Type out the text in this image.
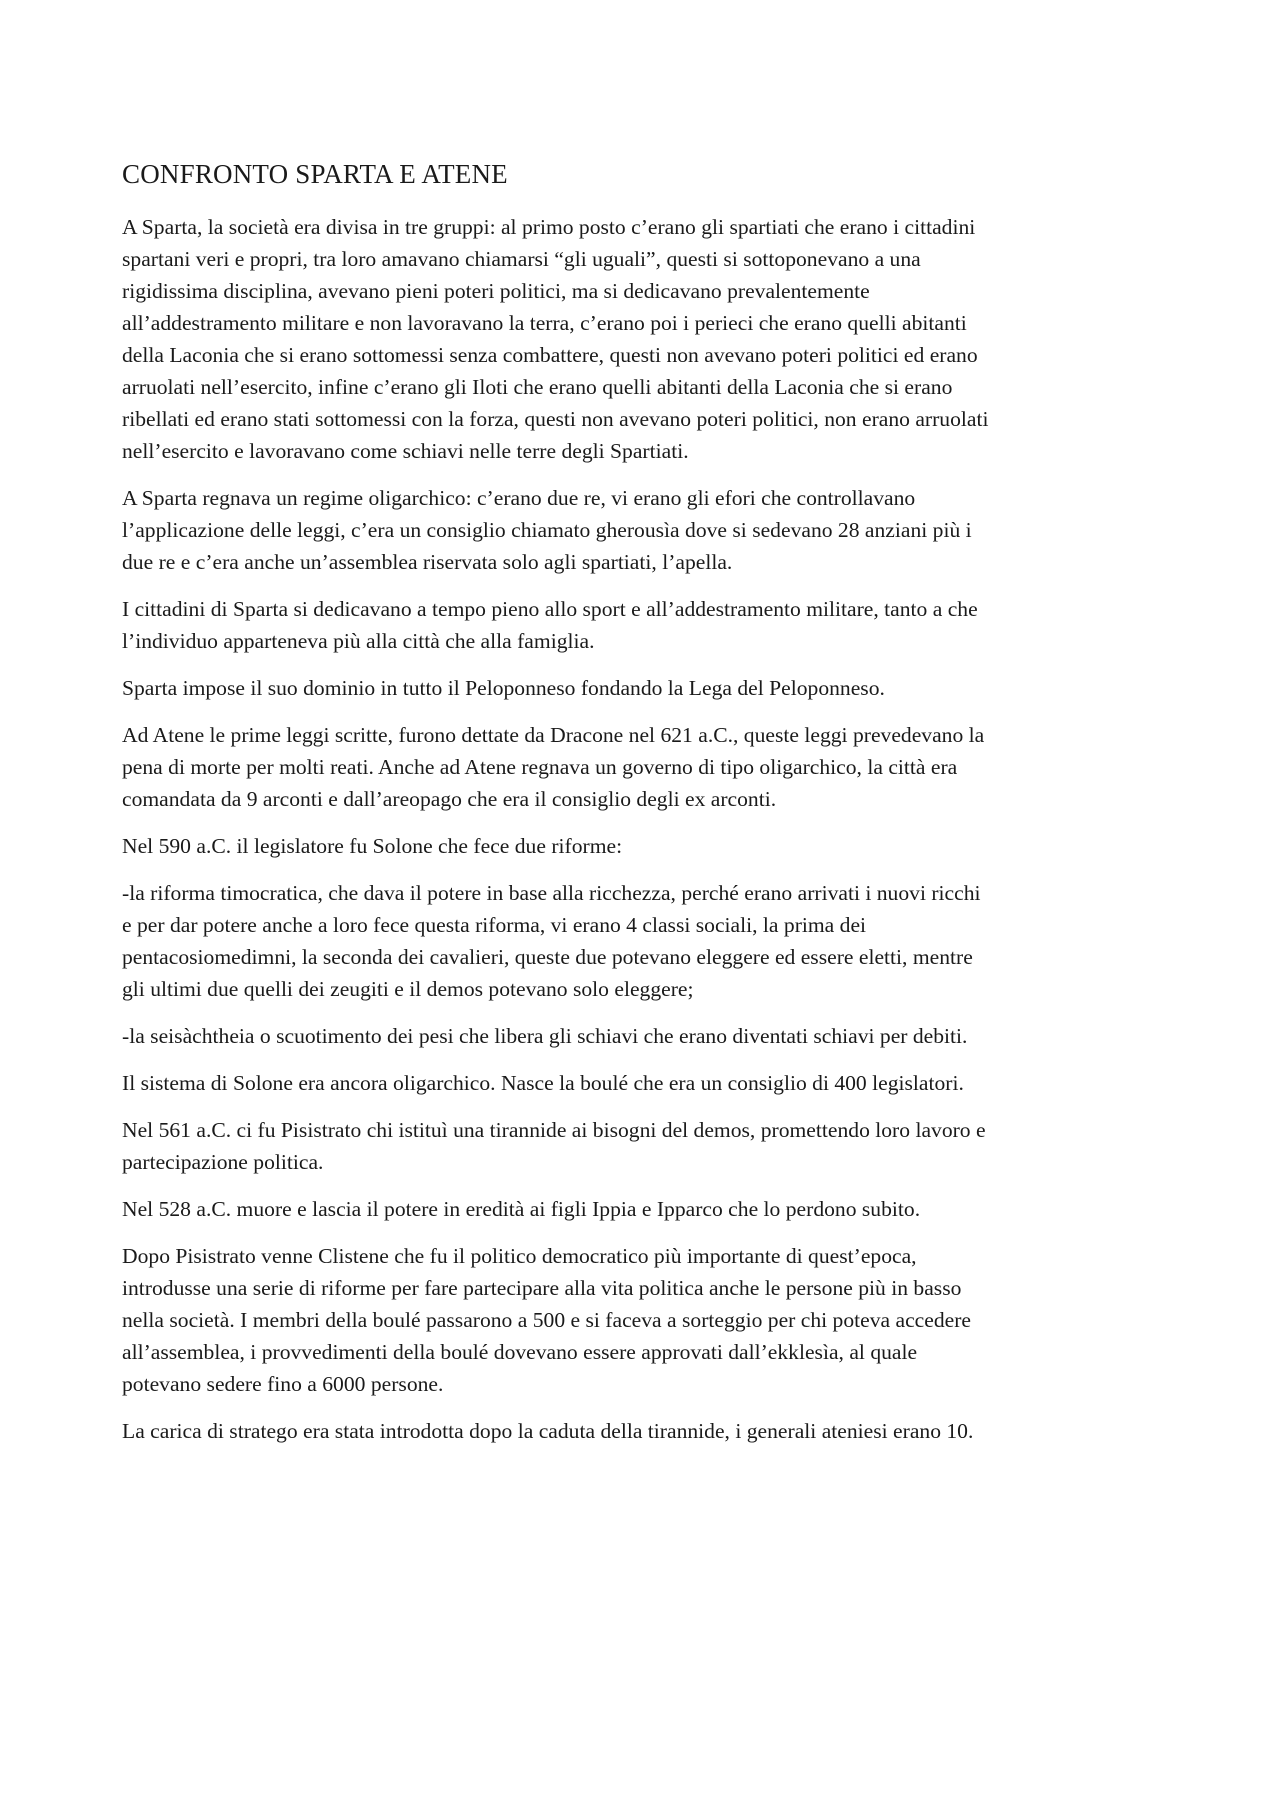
CONFRONTO SPARTA E ATENE

A Sparta, la società era divisa in tre gruppi: al primo posto c’erano gli spartiati che erano i cittadini
spartani veri e propri, tra loro amavano chiamarsi “gli uguali”, questi si sottoponevano a una
rigidissima disciplina, avevano pieni poteri politici, ma si dedicavano prevalentemente
all’addestramento militare e non lavoravano la terra, c’erano poi i perieci che erano quelli abitanti
della Laconia che si erano sottomessi senza combattere, questi non avevano poteri politici ed erano
arruolati nell’esercito, infine c’erano gli Iloti che erano quelli abitanti della Laconia che si erano
ribellati ed erano stati sottomessi con la forza, questi non avevano poteri politici, non erano arruolati
nell’esercito e lavoravano come schiavi nelle terre degli Spartiati.

A Sparta regnava un regime oligarchico: c’erano due re, vi erano gli efori che controllavano
l’applicazione delle leggi, c’era un consiglio chiamato gherousìa dove si sedevano 28 anziani più i
due re e c’era anche un’assemblea riservata solo agli spartiati, l’apella.

I cittadini di Sparta si dedicavano a tempo pieno allo sport e all’addestramento militare, tanto a che
l’individuo apparteneva più alla città che alla famiglia.

Sparta impose il suo dominio in tutto il Peloponneso fondando la Lega del Peloponneso.

Ad Atene le prime leggi scritte, furono dettate da Dracone nel 621 a.C., queste leggi prevedevano la
pena di morte per molti reati. Anche ad Atene regnava un governo di tipo oligarchico, la città era
comandata da 9 arconti e dall’areopago che era il consiglio degli ex arconti.

Nel 590 a.C. il legislatore fu Solone che fece due riforme:

-la riforma timocratica, che dava il potere in base alla ricchezza, perché erano arrivati i nuovi ricchi
e per dar potere anche a loro fece questa riforma, vi erano 4 classi sociali, la prima dei
pentacosiomedimni, la seconda dei cavalieri, queste due potevano eleggere ed essere eletti, mentre
gli ultimi due quelli dei zeugiti e il demos potevano solo eleggere;

-la seisàchtheia o scuotimento dei pesi che libera gli schiavi che erano diventati schiavi per debiti.

Il sistema di Solone era ancora oligarchico. Nasce la boulé che era un consiglio di 400 legislatori.

Nel 561 a.C. ci fu Pisistrato chi istituì una tirannide ai bisogni del demos, promettendo loro lavoro e
partecipazione politica.

Nel 528 a.C. muore e lascia il potere in eredità ai figli Ippia e Ipparco che lo perdono subito.

Dopo Pisistrato venne Clistene che fu il politico democratico più importante di quest’epoca,
introdusse una serie di riforme per fare partecipare alla vita politica anche le persone più in basso
nella società. I membri della boulé passarono a 500 e si faceva a sorteggio per chi poteva accedere
all’assemblea, i provvedimenti della boulé dovevano essere approvati dall’ekklesìa, al quale
potevano sedere fino a 6000 persone.

La carica di stratego era stata introdotta dopo la caduta della tirannide, i generali ateniesi erano 10.
